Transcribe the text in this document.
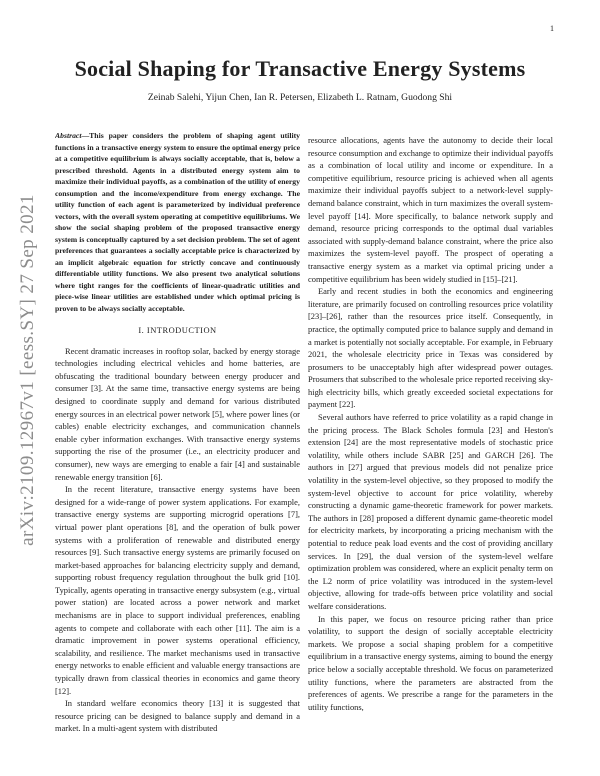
1
arXiv:2109.12967v1 [eess.SY] 27 Sep 2021
Social Shaping for Transactive Energy Systems
Zeinab Salehi, Yijun Chen, Ian R. Petersen, Elizabeth L. Ratnam, Guodong Shi

Abstract—This paper considers the problem of shaping agent utility functions in a transactive energy system to ensure the optimal energy price at a competitive equilibrium is always socially acceptable, that is, below a prescribed threshold. Agents in a distributed energy system aim to maximize their individual payoffs, as a combination of the utility of energy consumption and the income/expenditure from energy exchange. The utility function of each agent is parameterized by individual preference vectors, with the overall system operating at competitive equilibriums. We show the social shaping problem of the proposed transactive energy system is conceptually captured by a set decision problem. The set of agent preferences that guarantees a socially acceptable price is characterized by an implicit algebraic equation for strictly concave and continuously differentiable utility functions. We also present two analytical solutions where tight ranges for the coefficients of linear-quadratic utilities and piece-wise linear utilities are established under which optimal pricing is proven to be always socially acceptable.

I. INTRODUCTION

Recent dramatic increases in rooftop solar, backed by energy storage technologies including electrical vehicles and home batteries, are obfuscating the traditional boundary between energy producer and consumer [3]. At the same time, transactive energy systems are being designed to coordinate supply and demand for various distributed energy sources in an electrical power network [5], where power lines (or cables) enable electricity exchanges, and communication channels enable cyber information exchanges. With transactive energy systems supporting the rise of the prosumer (i.e., an electricity producer and consumer), new ways are emerging to enable a fair [4] and sustainable renewable energy transition [6].

In the recent literature, transactive energy systems have been designed for a wide-range of power system applications. For example, transactive energy systems are supporting microgrid operations [7], virtual power plant operations [8], and the operation of bulk power systems with a proliferation of renewable and distributed energy resources [9]. Such transactive energy systems are primarily focused on market-based approaches for balancing electricity supply and demand, supporting robust frequency regulation throughout the bulk grid [10]. Typically, agents operating in transactive energy subsystem (e.g., virtual power station) are located across a power network and market mechanisms are in place to support individual preferences, enabling agents to compete and collaborate with each other [11]. The aim is a dramatic improvement in power systems operational efficiency, scalability, and resilience. The market mechanisms used in transactive energy networks to enable efficient and valuable energy transactions are typically drawn from classical theories in economics and game theory [12].

In standard welfare economics theory [13] it is suggested that resource pricing can be designed to balance supply and demand in a market. In a multi-agent system with distributed

resource allocations, agents have the autonomy to decide their local resource consumption and exchange to optimize their individual payoffs as a combination of local utility and income or expenditure. In a competitive equilibrium, resource pricing is achieved when all agents maximize their individual payoffs subject to a network-level supply-demand balance constraint, which in turn maximizes the overall system-level payoff [14]. More specifically, to balance network supply and demand, resource pricing corresponds to the optimal dual variables associated with supply-demand balance constraint, where the price also maximizes the system-level payoff. The prospect of operating a transactive energy system as a market via optimal pricing under a competitive equilibrium has been widely studied in [15]–[21].

Early and recent studies in both the economics and engineering literature, are primarily focused on controlling resources price volatility [23]–[26], rather than the resources price itself. Consequently, in practice, the optimally computed price to balance supply and demand in a market is potentially not socially acceptable. For example, in February 2021, the wholesale electricity price in Texas was considered by prosumers to be unacceptably high after widespread power outages. Prosumers that subscribed to the wholesale price reported receiving sky-high electricity bills, which greatly exceeded societal expectations for payment [22].

Several authors have referred to price volatility as a rapid change in the pricing process. The Black Scholes formula [23] and Heston's extension [24] are the most representative models of stochastic price volatility, while others include SABR [25] and GARCH [26]. The authors in [27] argued that previous models did not penalize price volatility in the system-level objective, so they proposed to modify the system-level objective to account for price volatility, whereby constructing a dynamic game-theoretic framework for power markets. The authors in [28] proposed a different dynamic game-theoretic model for electricity markets, by incorporating a pricing mechanism with the potential to reduce peak load events and the cost of providing ancillary services. In [29], the dual version of the system-level welfare optimization problem was considered, where an explicit penalty term on the L2 norm of price volatility was introduced in the system-level objective, allowing for trade-offs between price volatility and social welfare considerations.

In this paper, we focus on resource pricing rather than price volatility, to support the design of socially acceptable electricity markets. We propose a social shaping problem for a competitive equilibrium in a transactive energy systems, aiming to bound the energy price below a socially acceptable threshold. We focus on parameterized utility functions, where the parameters are abstracted from the preferences of agents. We prescribe a range for the parameters in the utility functions,
